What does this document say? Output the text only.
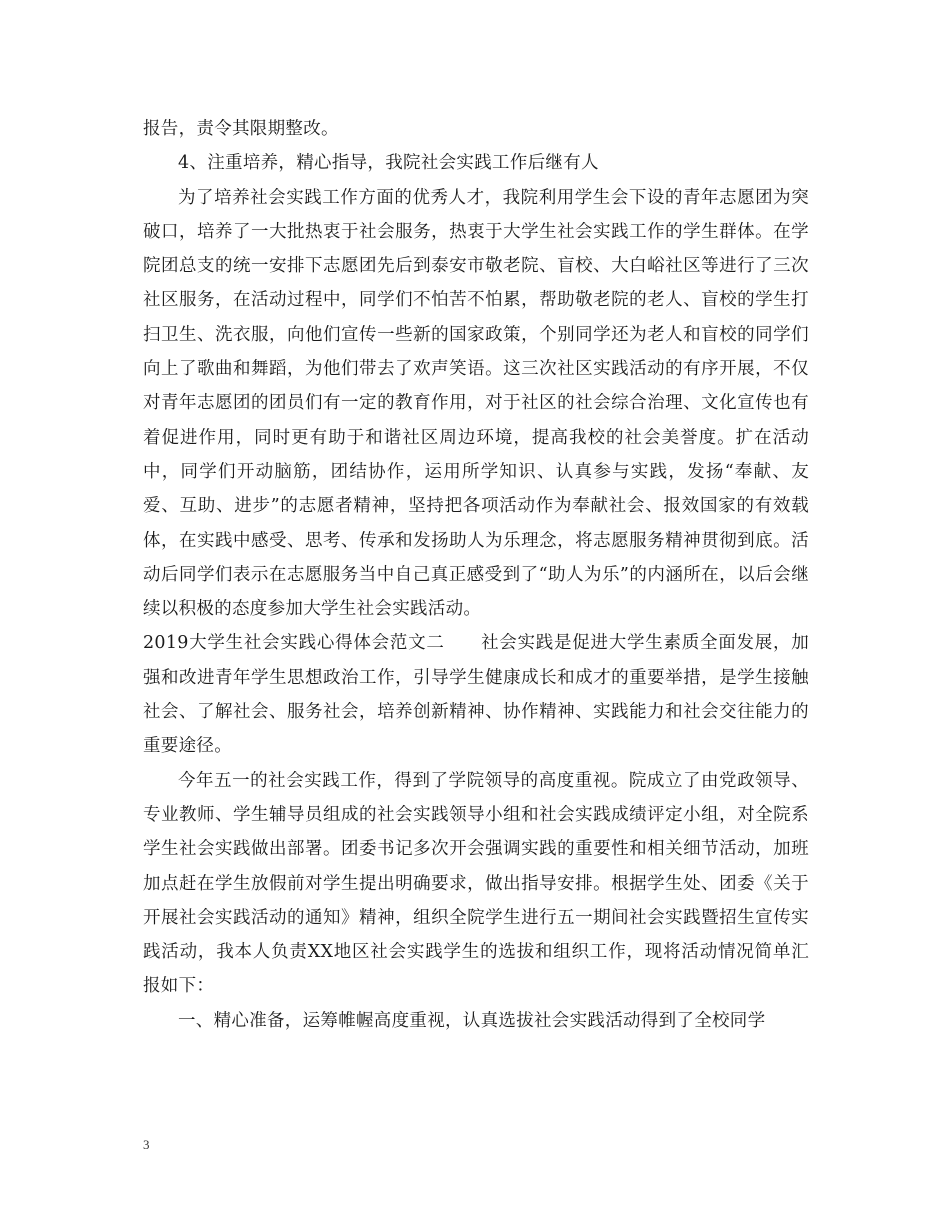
报告，责令其限期整改。

4、注重培养，精心指导，我院社会实践工作后继有人

为了培养社会实践工作方面的优秀人才，我院利用学生会下设的青年志愿团为突破口，培养了一大批热衷于社会服务，热衷于大学生社会实践工作的学生群体。在学院团总支的统一安排下志愿团先后到泰安市敬老院、盲校、大白峪社区等进行了三次社区服务，在活动过程中，同学们不怕苦不怕累，帮助敬老院的老人、盲校的学生打扫卫生、洗衣服，向他们宣传一些新的国家政策，个别同学还为老人和盲校的同学们向上了歌曲和舞蹈，为他们带去了欢声笑语。这三次社区实践活动的有序开展，不仅对青年志愿团的团员们有一定的教育作用，对于社区的社会综合治理、文化宣传也有着促进作用，同时更有助于和谐社区周边环境，提高我校的社会美誉度。扩在活动中，同学们开动脑筋，团结协作，运用所学知识、认真参与实践，发扬“奉献、友爱、互助、进步”的志愿者精神，坚持把各项活动作为奉献社会、报效国家的有效载体，在实践中感受、思考、传承和发扬助人为乐理念，将志愿服务精神贯彻到底。活动后同学们表示在志愿服务当中自己真正感受到了“助人为乐”的内涵所在，以后会继续以积极的态度参加大学生社会实践活动。

2019大学生社会实践心得体会范文二　　社会实践是促进大学生素质全面发展，加强和改进青年学生思想政治工作，引导学生健康成长和成才的重要举措，是学生接触社会、了解社会、服务社会，培养创新精神、协作精神、实践能力和社会交往能力的重要途径。

今年五一的社会实践工作，得到了学院领导的高度重视。院成立了由党政领导、专业教师、学生辅导员组成的社会实践领导小组和社会实践成绩评定小组，对全院系学生社会实践做出部署。团委书记多次开会强调实践的重要性和相关细节活动，加班加点赶在学生放假前对学生提出明确要求，做出指导安排。根据学生处、团委《关于开展社会实践活动的通知》精神，组织全院学生进行五一期间社会实践暨招生宣传实践活动，我本人负责XX地区社会实践学生的选拔和组织工作，现将活动情况简单汇报如下：

一、精心准备，运筹帷幄高度重视，认真选拔社会实践活动得到了全校同学

3
